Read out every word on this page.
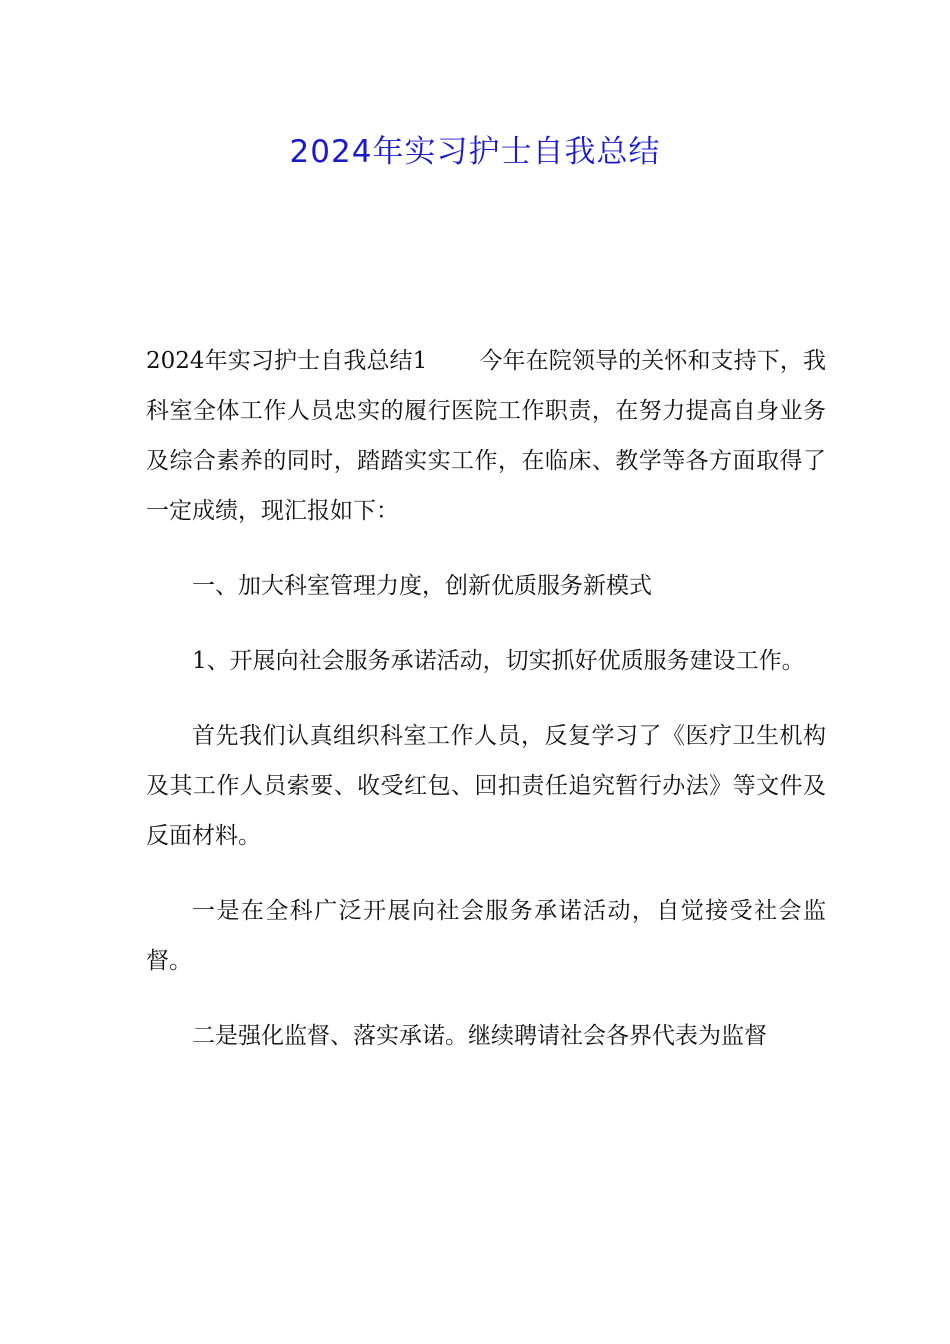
2024年实习护士自我总结

2024年实习护士自我总结1 今年在院领导的关怀和支持下，我科室全体工作人员忠实的履行医院工作职责，在努力提高自身业务及综合素养的同时，踏踏实实工作，在临床、教学等各方面取得了一定成绩，现汇报如下：

一、加大科室管理力度，创新优质服务新模式

1、开展向社会服务承诺活动，切实抓好优质服务建设工作。

首先我们认真组织科室工作人员，反复学习了《医疗卫生机构及其工作人员索要、收受红包、回扣责任追究暂行办法》等文件及反面材料。

一是在全科广泛开展向社会服务承诺活动，自觉接受社会监督。

二是强化监督、落实承诺。继续聘请社会各界代表为监督
